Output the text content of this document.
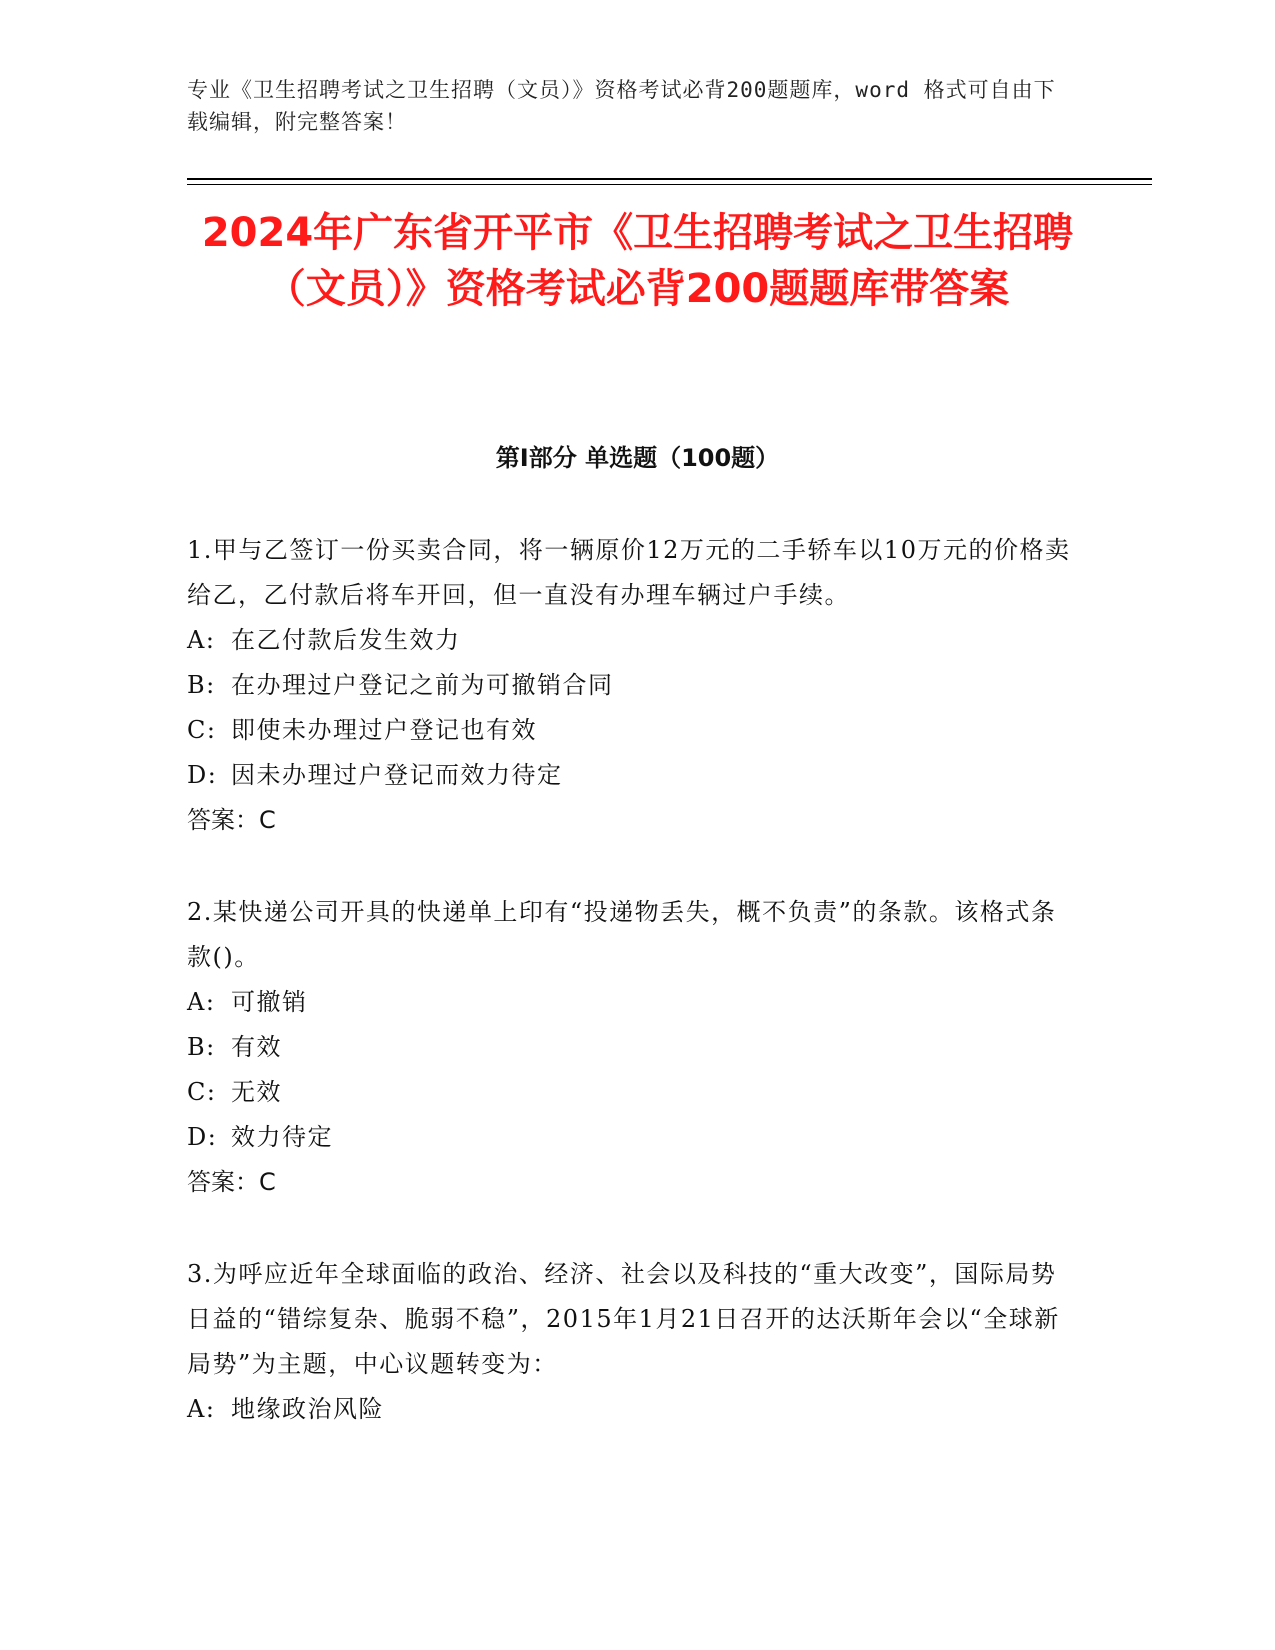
专业《卫生招聘考试之卫生招聘（文员）》资格考试必背200题题库，word 格式可自由下载编辑，附完整答案！
2024年广东省开平市《卫生招聘考试之卫生招聘（文员）》资格考试必背200题题库带答案
第Ⅰ部分 单选题（100题）

1.甲与乙签订一份买卖合同，将一辆原价12万元的二手轿车以10万元的价格卖给乙，乙付款后将车开回，但一直没有办理车辆过户手续。

A: 在乙付款后发生效力

B: 在办理过户登记之前为可撤销合同

C: 即使未办理过户登记也有效

D: 因未办理过户登记而效力待定

答案：C

2.某快递公司开具的快递单上印有“投递物丢失，概不负责”的条款。该格式条款()。

A: 可撤销

B: 有效

C: 无效

D: 效力待定

答案：C

3.为呼应近年全球面临的政治、经济、社会以及科技的“重大改变”，国际局势日益的“错综复杂、脆弱不稳”，2015年1月21日召开的达沃斯年会以“全球新局势”为主题，中心议题转变为：

A: 地缘政治风险
